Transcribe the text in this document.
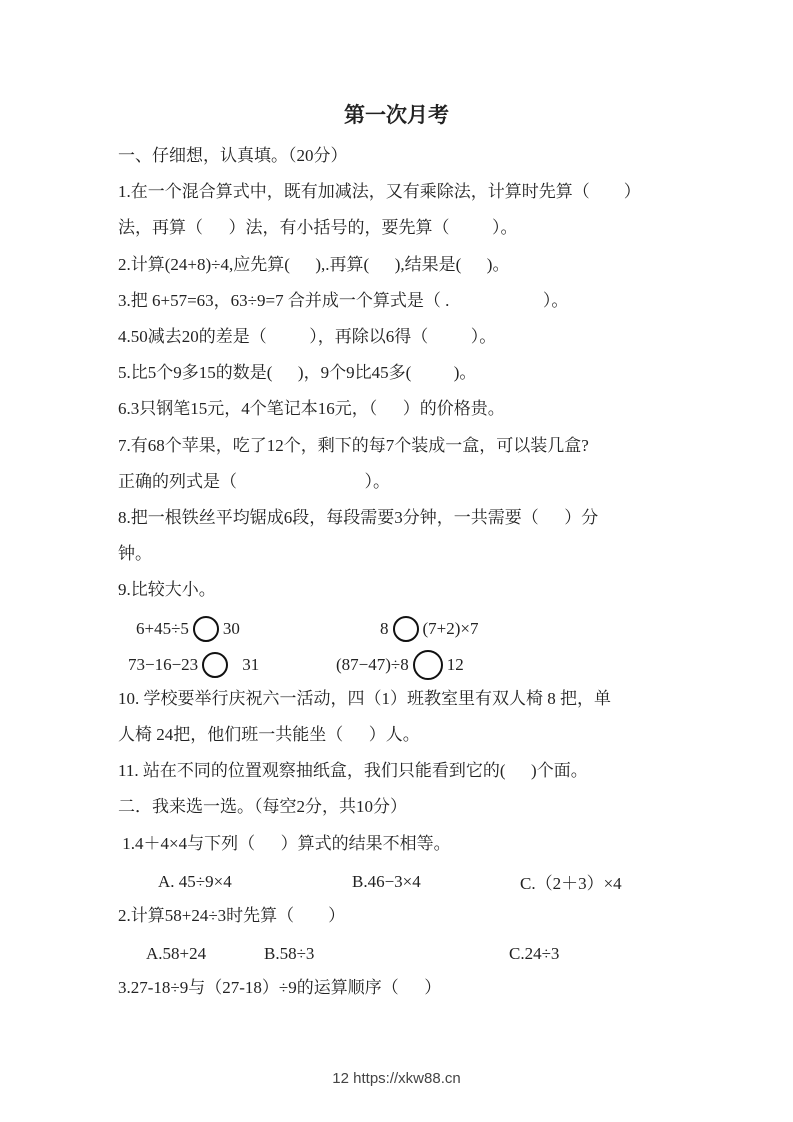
第一次月考
一、仔细想，认真填。（20分）
1.在一个混合算式中，既有加减法，又有乘除法，计算时先算（        ）
法，再算（      ）法，有小括号的，要先算（          ）。
2.计算(24+8)÷4,应先算(      ),.再算(      ),结果是(      )。
3.把 6+57=63，63÷9=7 合并成一个算式是（ .                      ）。
4.50减去20的差是（          ），再除以6得（          ）。
5.比5个9多15的数是(      )，9个9比45多(          )。
6.3只钢笔15元，4个笔记本16元，（      ）的价格贵。
7.有68个苹果，吃了12个，剩下的每7个装成一盒，可以装几盒?
正确的列式是（                              ）。
8.把一根铁丝平均锯成6段，每段需要3分钟，一共需要（      ）分
钟。
9.比较大小。
6+45÷5 30	8 (7+2)×7
73−16−23	31	(87−47)÷8 12
10. 学校要举行庆祝六一活动，四（1）班教室里有双人椅 8 把，单
人椅 24把，他们班一共能坐（      ）人。
11. 站在不同的位置观察抽纸盒，我们只能看到它的(      )个面。
二．我来选一选。（每空2分，共10分）
1.4＋4×4与下列（      ）算式的结果不相等。
A. 45÷9×4	B.46−3×4	C.（2＋3）×4
2.计算58+24÷3时先算（        ）
A.58+24	B.58÷3	C.24÷3
3.27-18÷9与（27-18）÷9的运算顺序（      ）
12 https://xkw88.cn
